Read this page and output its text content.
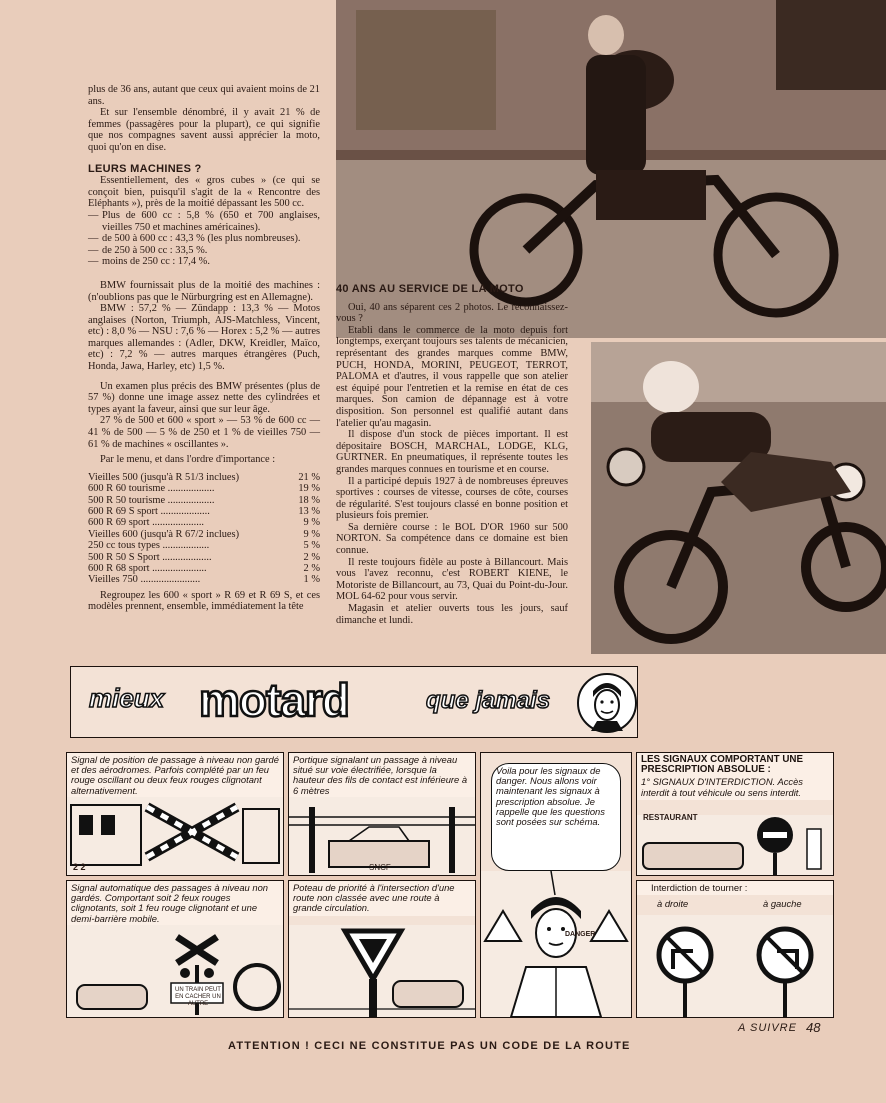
plus de 36 ans, autant que ceux qui avaient moins de 21 ans.

Et sur l'ensemble dénombré, il y avait 21 % de femmes (passagères pour la plupart), ce qui signifie que nos compagnes savent aussi apprécier la moto, quoi qu'on en dise.

LEURS MACHINES ?

Essentiellement, des « gros cubes » (ce qui se conçoit bien, puisqu'il s'agit de la « Rencontre des Eléphants »), près de la moitié dépassant les 500 cc.

— Plus de 600 cc : 5,8 % (650 et 700 anglaises, vieilles 750 et machines américaines).
— de 500 à 600 cc : 43,3 % (les plus nombreuses).
— de 250 à 500 cc : 33,5 %.
— moins de 250 cc : 17,4 %.

BMW fournissait plus de la moitié des machines : (n'oublions pas que le Nürburgring est en Allemagne).

BMW : 57,2 % — Zündapp : 13,3 % — Motos anglaises (Norton, Triumph, AJS-Matchless, Vincent, etc) : 8,0 % — NSU : 7,6 % — Horex : 5,2 % — autres marques allemandes : (Adler, DKW, Kreidler, Maïco, etc) : 7,2 % — autres marques étrangères (Puch, Honda, Jawa, Harley, etc) 1,5 %.

Un examen plus précis des BMW présentes (plus de 57 %) donne une image assez nette des cylindrées et types ayant la faveur, ainsi que sur leur âge.

27 % de 500 et 600 « sport » — 53 % de 600 cc — 41 % de 500 — 5 % de 250 et 1 % de vieilles 750 — 61 % de machines « oscillantes ».

Par le menu, et dans l'ordre d'importance :

Vieilles 500 (jusqu'à R 51/3 inclues)	21 %
600 R 60 tourisme ..................	19 %
500 R 50 tourisme ..................	18 %
600 R 69 S sport ...................	13 %
600 R 69 sport ....................	9 %
Vieilles 600 (jusqu'à R 67/2 inclues)	9 %
250 cc tous types ..................	5 %
500 R 50 S Sport ...................	2 %
600 R 68 sport .....................	2 %
Vieilles 750 .......................	1 %

Regroupez les 600 « sport » R 69 et R 69 S, et ces modèles prennent, ensemble, immédiatement la tête

40 ANS AU SERVICE DE LA MOTO

Oui, 40 ans séparent ces 2 photos. Le reconnaissez-vous ?

Etabli dans le commerce de la moto depuis fort longtemps, exerçant toujours ses talents de mécanicien, représentant des grandes marques comme BMW, PUCH, HONDA, MORINI, PEUGEOT, TERROT, PALOMA et d'autres, il vous rappelle que son atelier est équipé pour l'entretien et la remise en état de ces marques. Son camion de dépannage est à votre disposition. Son personnel est qualifié autant dans l'atelier qu'au magasin.

Il dispose d'un stock de pièces important. Il est dépositaire BOSCH, MARCHAL, LODGE, KLG, GURTNER. En pneumatiques, il représente toutes les grandes marques connues en tourisme et en course.

Il a participé depuis 1927 à de nombreuses épreuves sportives : courses de vitesse, courses de côte, courses de régularité. S'est toujours classé en bonne position et plusieurs fois premier.

Sa dernière course : le BOL D'OR 1960 sur 500 NORTON. Sa compétence dans ce domaine est bien connue.

Il reste toujours fidèle au poste à Billancourt. Mais vous l'avez reconnu, c'est ROBERT KIENE, le Motoriste de Billancourt, au 73, Quai du Point-du-Jour. MOL 64-62 pour vous servir.

Magasin et atelier ouverts tous les jours, sauf dimanche et lundi.

mieux motard	que jamais
Signal de position de passage à niveau non gardé et des aérodromes. Parfois complété par un feu rouge oscillant ou deux feux rouges clignotant alternativement.
2 2
Portique signalant un passage à niveau situé sur voie électrifiée, lorsque la hauteur des fils de contact est inférieure à 6 mètres
SNCF
Voila pour les signaux de danger. Nous allons voir maintenant les signaux à prescription absolue. Je rappelle que les questions sont posées sur schéma.
DANGER
LES SIGNAUX COMPORTANT UNE PRESCRIPTION ABSOLUE :
1° SIGNAUX D'INTERDICTION. Accès interdit à tout véhicule ou sens interdit.
RESTAURANT
Signal automatique des passages à niveau non gardés. Comportant soit 2 feux rouges clignotants, soit 1 feu rouge clignotant et une demi-barrière mobile.
UN TRAIN PEUT EN CACHER UN AUTRE
Poteau de priorité à l'intersection d'une route non classée avec une route à grande circulation.
Interdiction de tourner :
à droite	à gauche
A SUIVRE 48
ATTENTION ! CECI NE CONSTITUE PAS UN CODE DE LA ROUTE
